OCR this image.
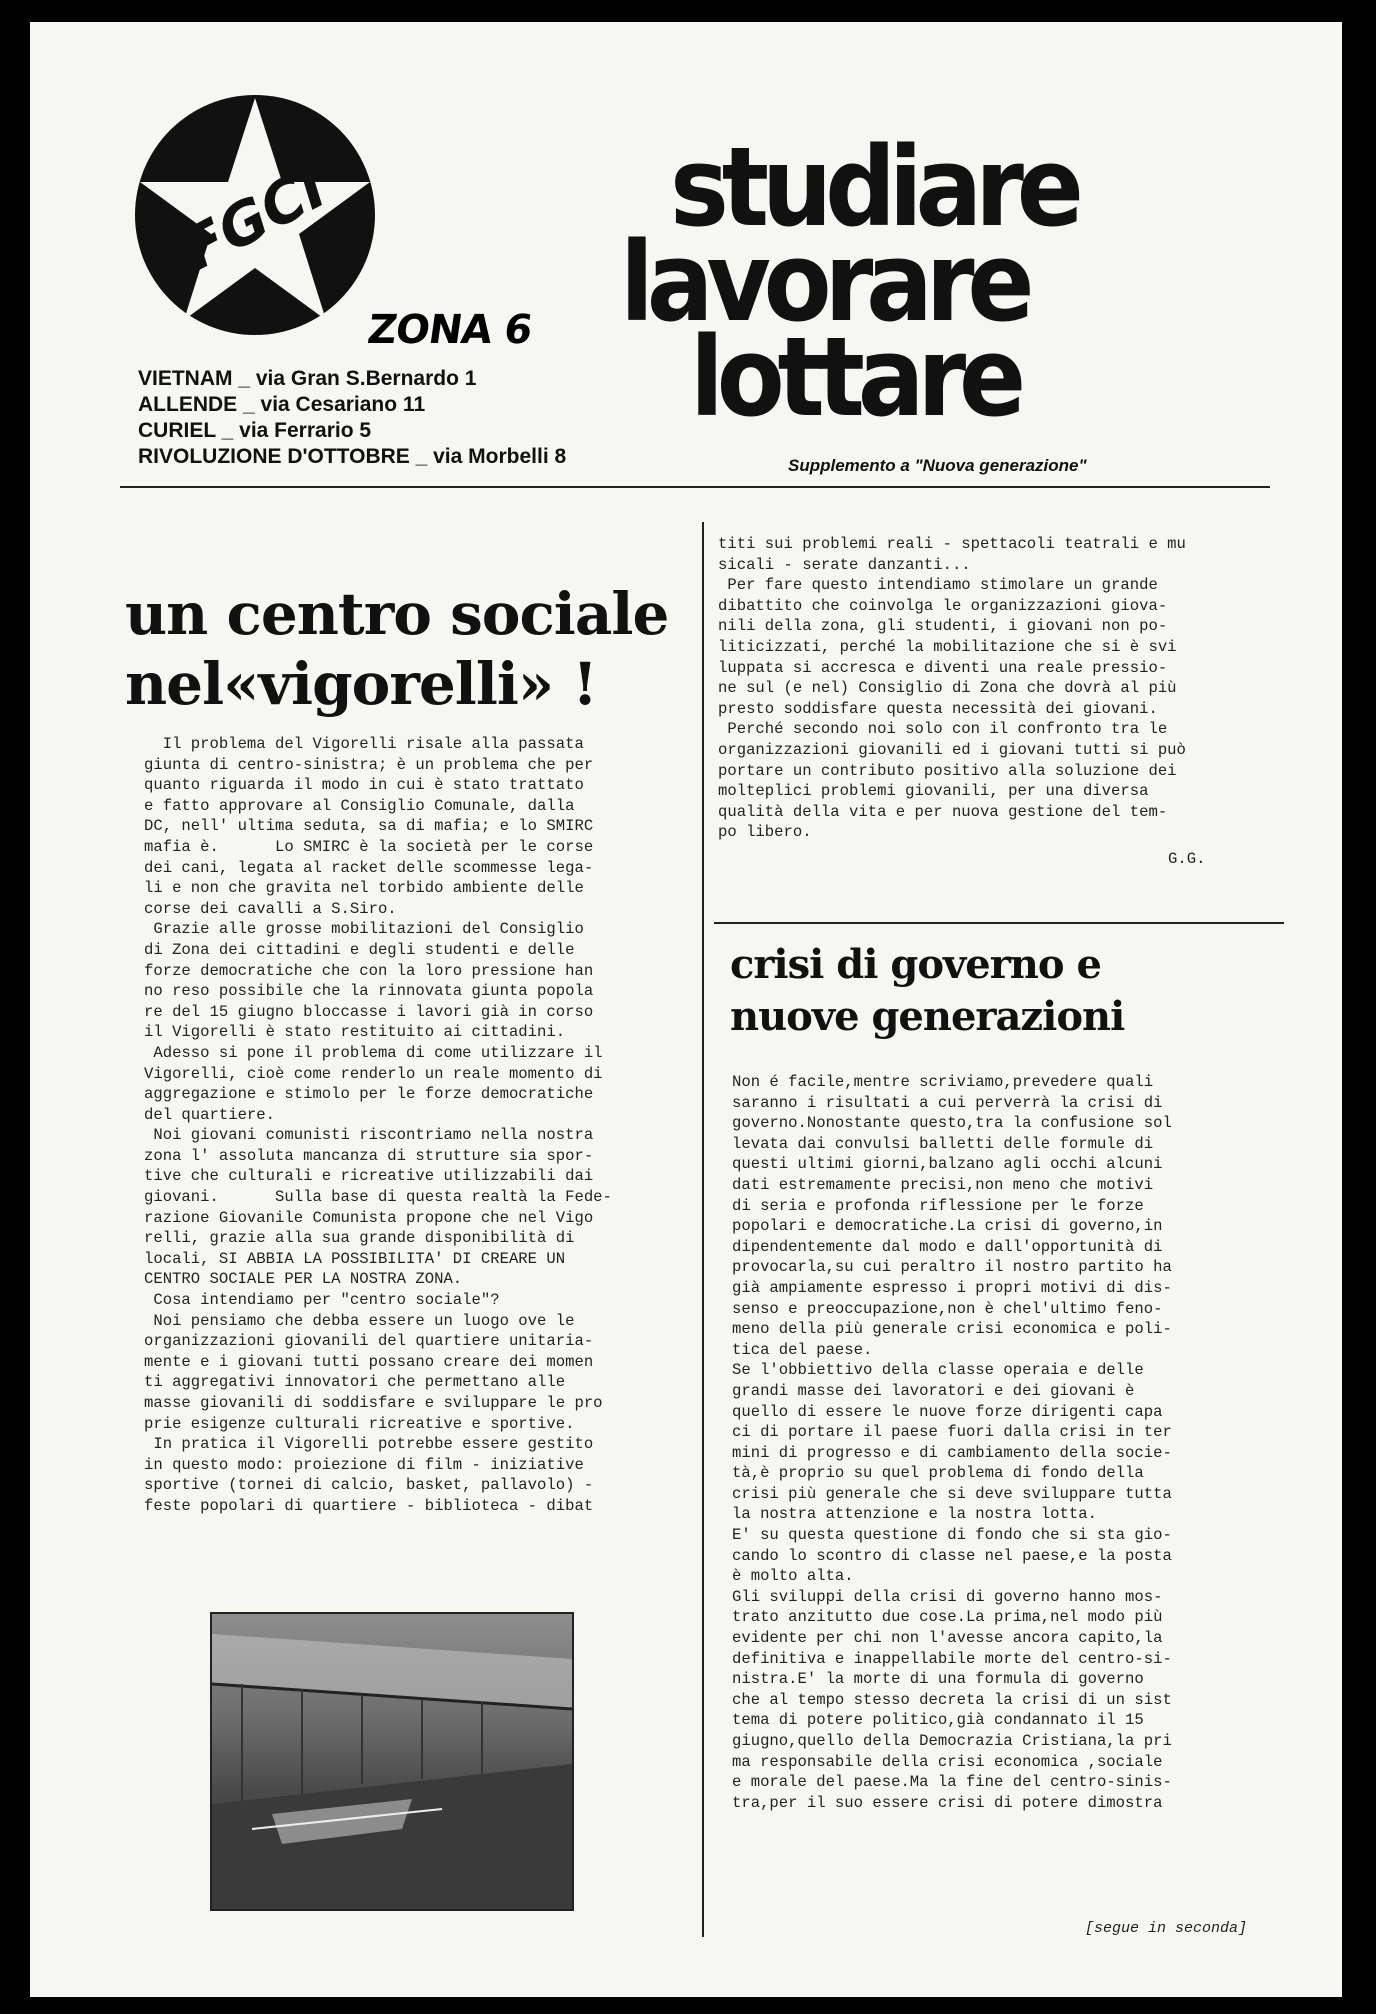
FGCI
ZONA 6
VIETNAM _ via Gran S.Bernardo 1
ALLENDE _ via Cesariano 11
CURIEL _ via Ferrario 5
RIVOLUZIONE D'OTTOBRE _ via Morbelli 8
studiare
lavorare
lottare
Supplemento a "Nuova generazione"
un centro sociale
nel«vigorelli» !
Il problema del Vigorelli risale alla passata
giunta di centro-sinistra; è un problema che per
quanto riguarda il modo in cui è stato trattato
e fatto approvare al Consiglio Comunale, dalla
DC, nell' ultima seduta, sa di mafia; e lo SMIRC
mafia è.      Lo SMIRC è la società per le corse
dei cani, legata al racket delle scommesse lega-
li e non che gravita nel torbido ambiente delle
corse dei cavalli a S.Siro.
Grazie alle grosse mobilitazioni del Consiglio
di Zona dei cittadini e degli studenti e delle
forze democratiche che con la loro pressione han
no reso possibile che la rinnovata giunta popola
re del 15 giugno bloccasse i lavori già in corso
il Vigorelli è stato restituito ai cittadini.
Adesso si pone il problema di come utilizzare il
Vigorelli, cioè come renderlo un reale momento di
aggregazione e stimolo per le forze democratiche
del quartiere.
Noi giovani comunisti riscontriamo nella nostra
zona l' assoluta mancanza di strutture sia spor-
tive che culturali e ricreative utilizzabili dai
giovani.      Sulla base di questa realtà la Fede-
razione Giovanile Comunista propone che nel Vigo
relli, grazie alla sua grande disponibilità di
locali, SI ABBIA LA POSSIBILITA' DI CREARE UN
CENTRO SOCIALE PER LA NOSTRA ZONA.
Cosa intendiamo per "centro sociale"?
Noi pensiamo che debba essere un luogo ove le
organizzazioni giovanili del quartiere unitaria-
mente e i giovani tutti possano creare dei momen
ti aggregativi innovatori che permettano alle
masse giovanili di soddisfare e sviluppare le pro
prie esigenze culturali ricreative e sportive.
In pratica il Vigorelli potrebbe essere gestito
in questo modo: proiezione di film - iniziative
sportive (tornei di calcio, basket, pallavolo) -
feste popolari di quartiere - biblioteca - dibat
titi sui problemi reali - spettacoli teatrali e mu
sicali - serate danzanti...
Per fare questo intendiamo stimolare un grande
dibattito che coinvolga le organizzazioni giova-
nili della zona, gli studenti, i giovani non po-
liticizzati, perché la mobilitazione che si è svi
luppata si accresca e diventi una reale pressio-
ne sul (e nel) Consiglio di Zona che dovrà al più
presto soddisfare questa necessità dei giovani.
Perché secondo noi solo con il confronto tra le
organizzazioni giovanili ed i giovani tutti si può
portare un contributo positivo alla soluzione dei
molteplici problemi giovanili, per una diversa
qualità della vita e per nuova gestione del tem-
po libero.
G.G.
crisi di governo e
nuove generazioni
Non é facile,mentre scriviamo,prevedere quali
saranno i risultati a cui perverrà la crisi di
governo.Nonostante questo,tra la confusione sol
levata dai convulsi balletti delle formule di
questi ultimi giorni,balzano agli occhi alcuni
dati estremamente precisi,non meno che motivi
di seria e profonda riflessione per le forze
popolari e democratiche.La crisi di governo,in
dipendentemente dal modo e dall'opportunità di
provocarla,su cui peraltro il nostro partito ha
già ampiamente espresso i propri motivi di dis-
senso e preoccupazione,non è chel'ultimo feno-
meno della più generale crisi economica e poli-
tica del paese.
Se l'obbiettivo della classe operaia e delle
grandi masse dei lavoratori e dei giovani è
quello di essere le nuove forze dirigenti capa
ci di portare il paese fuori dalla crisi in ter
mini di progresso e di cambiamento della socie-
tà,è proprio su quel problema di fondo della
crisi più generale che si deve sviluppare tutta
la nostra attenzione e la nostra lotta.
E' su questa questione di fondo che si sta gio-
cando lo scontro di classe nel paese,e la posta
è molto alta.
Gli sviluppi della crisi di governo hanno mos-
trato anzitutto due cose.La prima,nel modo più
evidente per chi non l'avesse ancora capito,la
definitiva e inappellabile morte del centro-si-
nistra.E' la morte di una formula di governo
che al tempo stesso decreta la crisi di un sist
tema di potere politico,già condannato il 15
giugno,quello della Democrazia Cristiana,la pri
ma responsabile della crisi economica ,sociale
e morale del paese.Ma la fine del centro-sinis-
tra,per il suo essere crisi di potere dimostra
[segue in seconda]
